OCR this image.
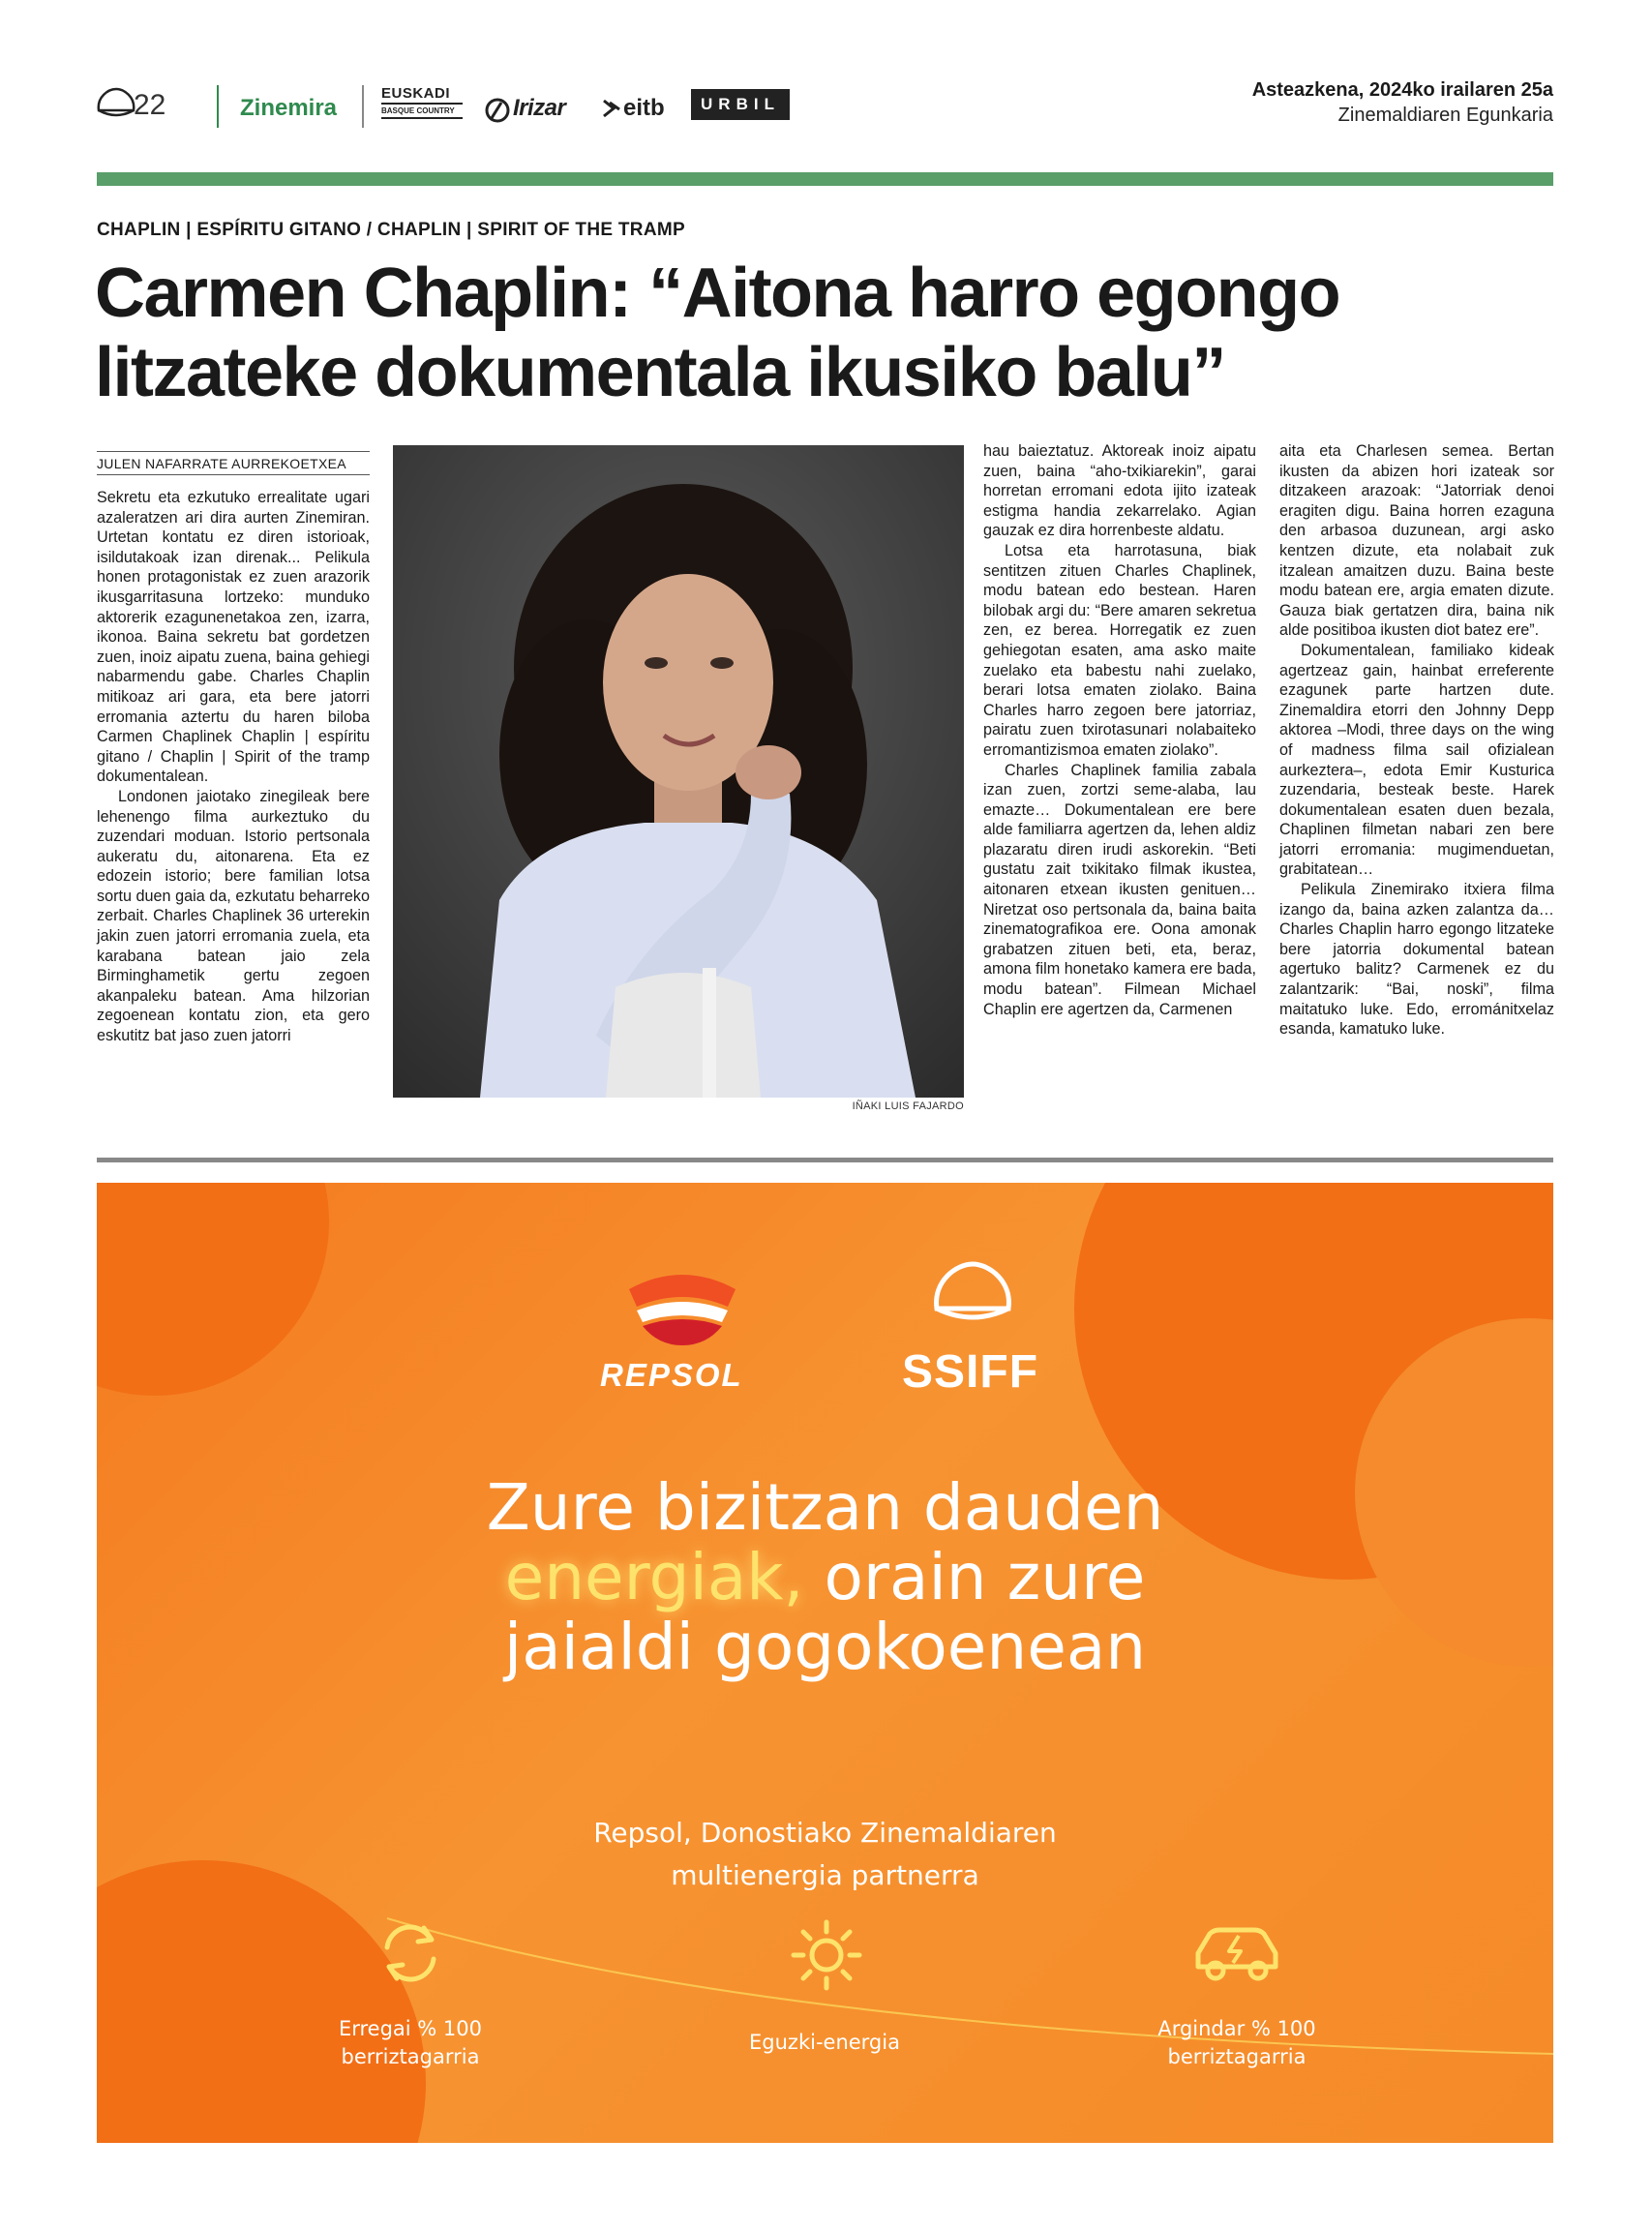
22	Zinemira
EUSKADI
BASQUE COUNTRY	Irizar eitb	URBIL
Asteazkena, 2024ko irailaren 25a
Zinemaldiaren Egunkaria
CHAPLIN | ESPÍRITU GITANO / CHAPLIN | SPIRIT OF THE TRAMP
Carmen Chaplin: “Aitona harro egongo
litzateke dokumentala ikusiko balu”
JULEN NAFARRATE AURREKOETXEA

Sekretu eta ezkutuko errealitate ugari azaleratzen ari dira aurten Zinemiran. Urtetan kontatu ez diren istorioak, isildutakoak izan direnak... Pelikula honen protagonistak ez zuen arazorik ikusgarritasuna lortzeko: munduko aktorerik ezagunenetakoa zen, izarra, ikonoa. Baina sekretu bat gordetzen zuen, inoiz aipatu zuena, baina gehiegi nabarmendu gabe. Charles Chaplin mitikoaz ari gara, eta bere jatorri erromania aztertu du haren biloba Carmen Chaplinek Chaplin | espíritu gitano / Chaplin | Spirit of the tramp dokumentalean.

Londonen jaiotako zinegileak bere lehenengo filma aurkeztuko du zuzendari moduan. Istorio pertsonala aukeratu du, aitonarena. Eta ez edozein istorio; bere familian lotsa sortu duen gaia da, ezkutatu beharreko zerbait. Charles Chaplinek 36 urterekin jakin zuen jatorri erromania zuela, eta karabana batean jaio zela Birminghametik gertu zegoen akanpaleku batean. Ama hilzorian zegoenean kontatu zion, eta gero eskutitz bat jaso zuen jatorri

IÑAKI LUIS FAJARDO

hau baieztatuz. Aktoreak inoiz aipatu zuen, baina “aho-txikiarekin”, garai horretan erromani edota ijito izateak estigma handia zekarrelako. Agian gauzak ez dira horrenbeste aldatu.

Lotsa eta harrotasuna, biak sentitzen zituen Charles Chaplinek, modu batean edo bestean. Haren bilobak argi du: “Bere amaren sekretua zen, ez berea. Horregatik ez zuen gehiegotan esaten, ama asko maite zuelako eta babestu nahi zuelako, berari lotsa ematen ziolako. Baina Charles harro zegoen bere jatorriaz, pairatu zuen txirotasunari nolabaiteko erromantizismoa ematen ziolako”.

Charles Chaplinek familia zabala izan zuen, zortzi seme-alaba, lau emazte… Dokumentalean ere bere alde familiarra agertzen da, lehen aldiz plazaratu diren irudi askorekin. “Beti gustatu zait txikitako filmak ikustea, aitonaren etxean ikusten genituen… Niretzat oso pertsonala da, baina baita zinematografikoa ere. Oona amonak grabatzen zituen beti, eta, beraz, amona film honetako kamera ere bada, modu batean”. Filmean Michael Chaplin ere agertzen da, Carmenen

aita eta Charlesen semea. Bertan ikusten da abizen hori izateak sor ditzakeen arazoak: “Jatorriak denoi eragiten digu. Baina horren ezaguna den arbasoa duzunean, argi asko kentzen dizute, eta nolabait zuk itzalean amaitzen duzu. Baina beste modu batean ere, argia ematen dizute. Gauza biak gertatzen dira, baina nik alde positiboa ikusten diot batez ere”.

Dokumentalean, familiako kideak agertzeaz gain, hainbat erreferente ezagunek parte hartzen dute. Zinemaldira etorri den Johnny Depp aktorea –Modi, three days on the wing of madness filma sail ofizialean aurkeztera–, edota Emir Kusturica zuzendaria, besteak beste. Harek dokumentalean esaten duen bezala, Chaplinen filmetan nabari zen bere jatorri erromania: mugimenduetan, grabitatean…

Pelikula Zinemirako itxiera filma izango da, baina azken zalantza da… Charles Chaplin harro egongo litzateke bere jatorria dokumental batean agertuko balitz? Carmenek ez du zalantzarik: “Bai, noski”, filma maitatuko luke. Edo, errománitxelaz esanda, kamatuko luke.

REPSOL	SSIFF
Zure bizitzan dauden
energiak, orain zure
jaialdi gogokoenean
Repsol, Donostiako Zinemaldiaren
multienergia partnerra
Erregai % 100
berriztagarria
Eguzki-energia
Argindar % 100
berriztagarria
